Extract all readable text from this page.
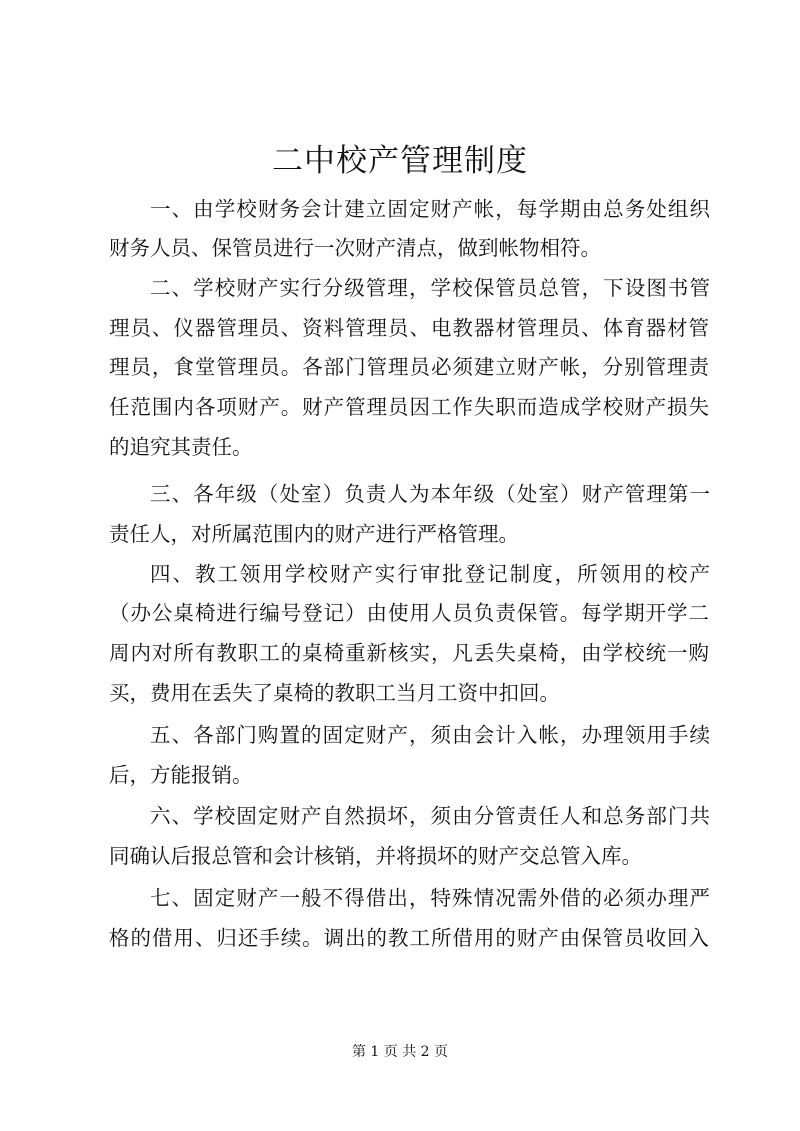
二中校产管理制度
一、由学校财务会计建立固定财产帐，每学期由总务处组织
财务人员、保管员进行一次财产清点，做到帐物相符。
二、学校财产实行分级管理，学校保管员总管，下设图书管
理员、仪器管理员、资料管理员、电教器材管理员、体育器材管
理员，食堂管理员。各部门管理员必须建立财产帐，分别管理责
任范围内各项财产。财产管理员因工作失职而造成学校财产损失
的追究其责任。
三、各年级（处室）负责人为本年级（处室）财产管理第一
责任人，对所属范围内的财产进行严格管理。
四、教工领用学校财产实行审批登记制度，所领用的校产
（办公桌椅进行编号登记）由使用人员负责保管。每学期开学二
周内对所有教职工的桌椅重新核实，凡丢失桌椅，由学校统一购
买，费用在丢失了桌椅的教职工当月工资中扣回。
五、各部门购置的固定财产，须由会计入帐，办理领用手续
后，方能报销。
六、学校固定财产自然损坏，须由分管责任人和总务部门共
同确认后报总管和会计核销，并将损坏的财产交总管入库。
七、固定财产一般不得借出，特殊情况需外借的必须办理严
格的借用、归还手续。调出的教工所借用的财产由保管员收回入
第 1 页 共 2 页
